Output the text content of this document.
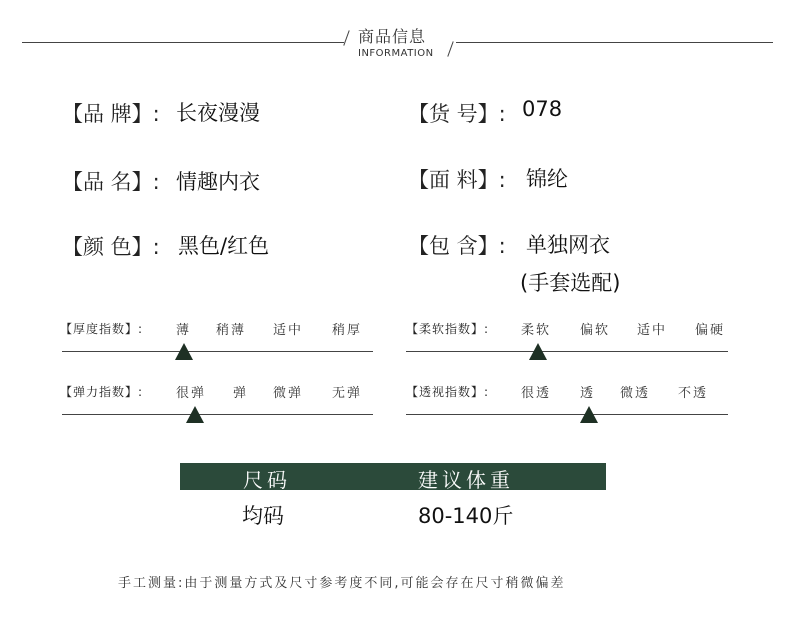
商品信息
INFORMATION
【品 牌】: 长夜漫漫	【货 号】: 078
【品 名】: 情趣内衣	【面 料】: 锦纶
【颜 色】: 黑色/红色	【包 含】: 单独网衣
(手套选配)
【厚度指数】:	薄 稍薄 适中 稍厚	【柔软指数】: 柔软 偏软 适中 偏硬
【弹力指数】:	很弹 弹 微弹 无弹	【透视指数】: 很透 透 微透 不透
尺码	建议体重
均码	80-140斤
手工测量:由于测量方式及尺寸参考度不同,可能会存在尺寸稍微偏差
